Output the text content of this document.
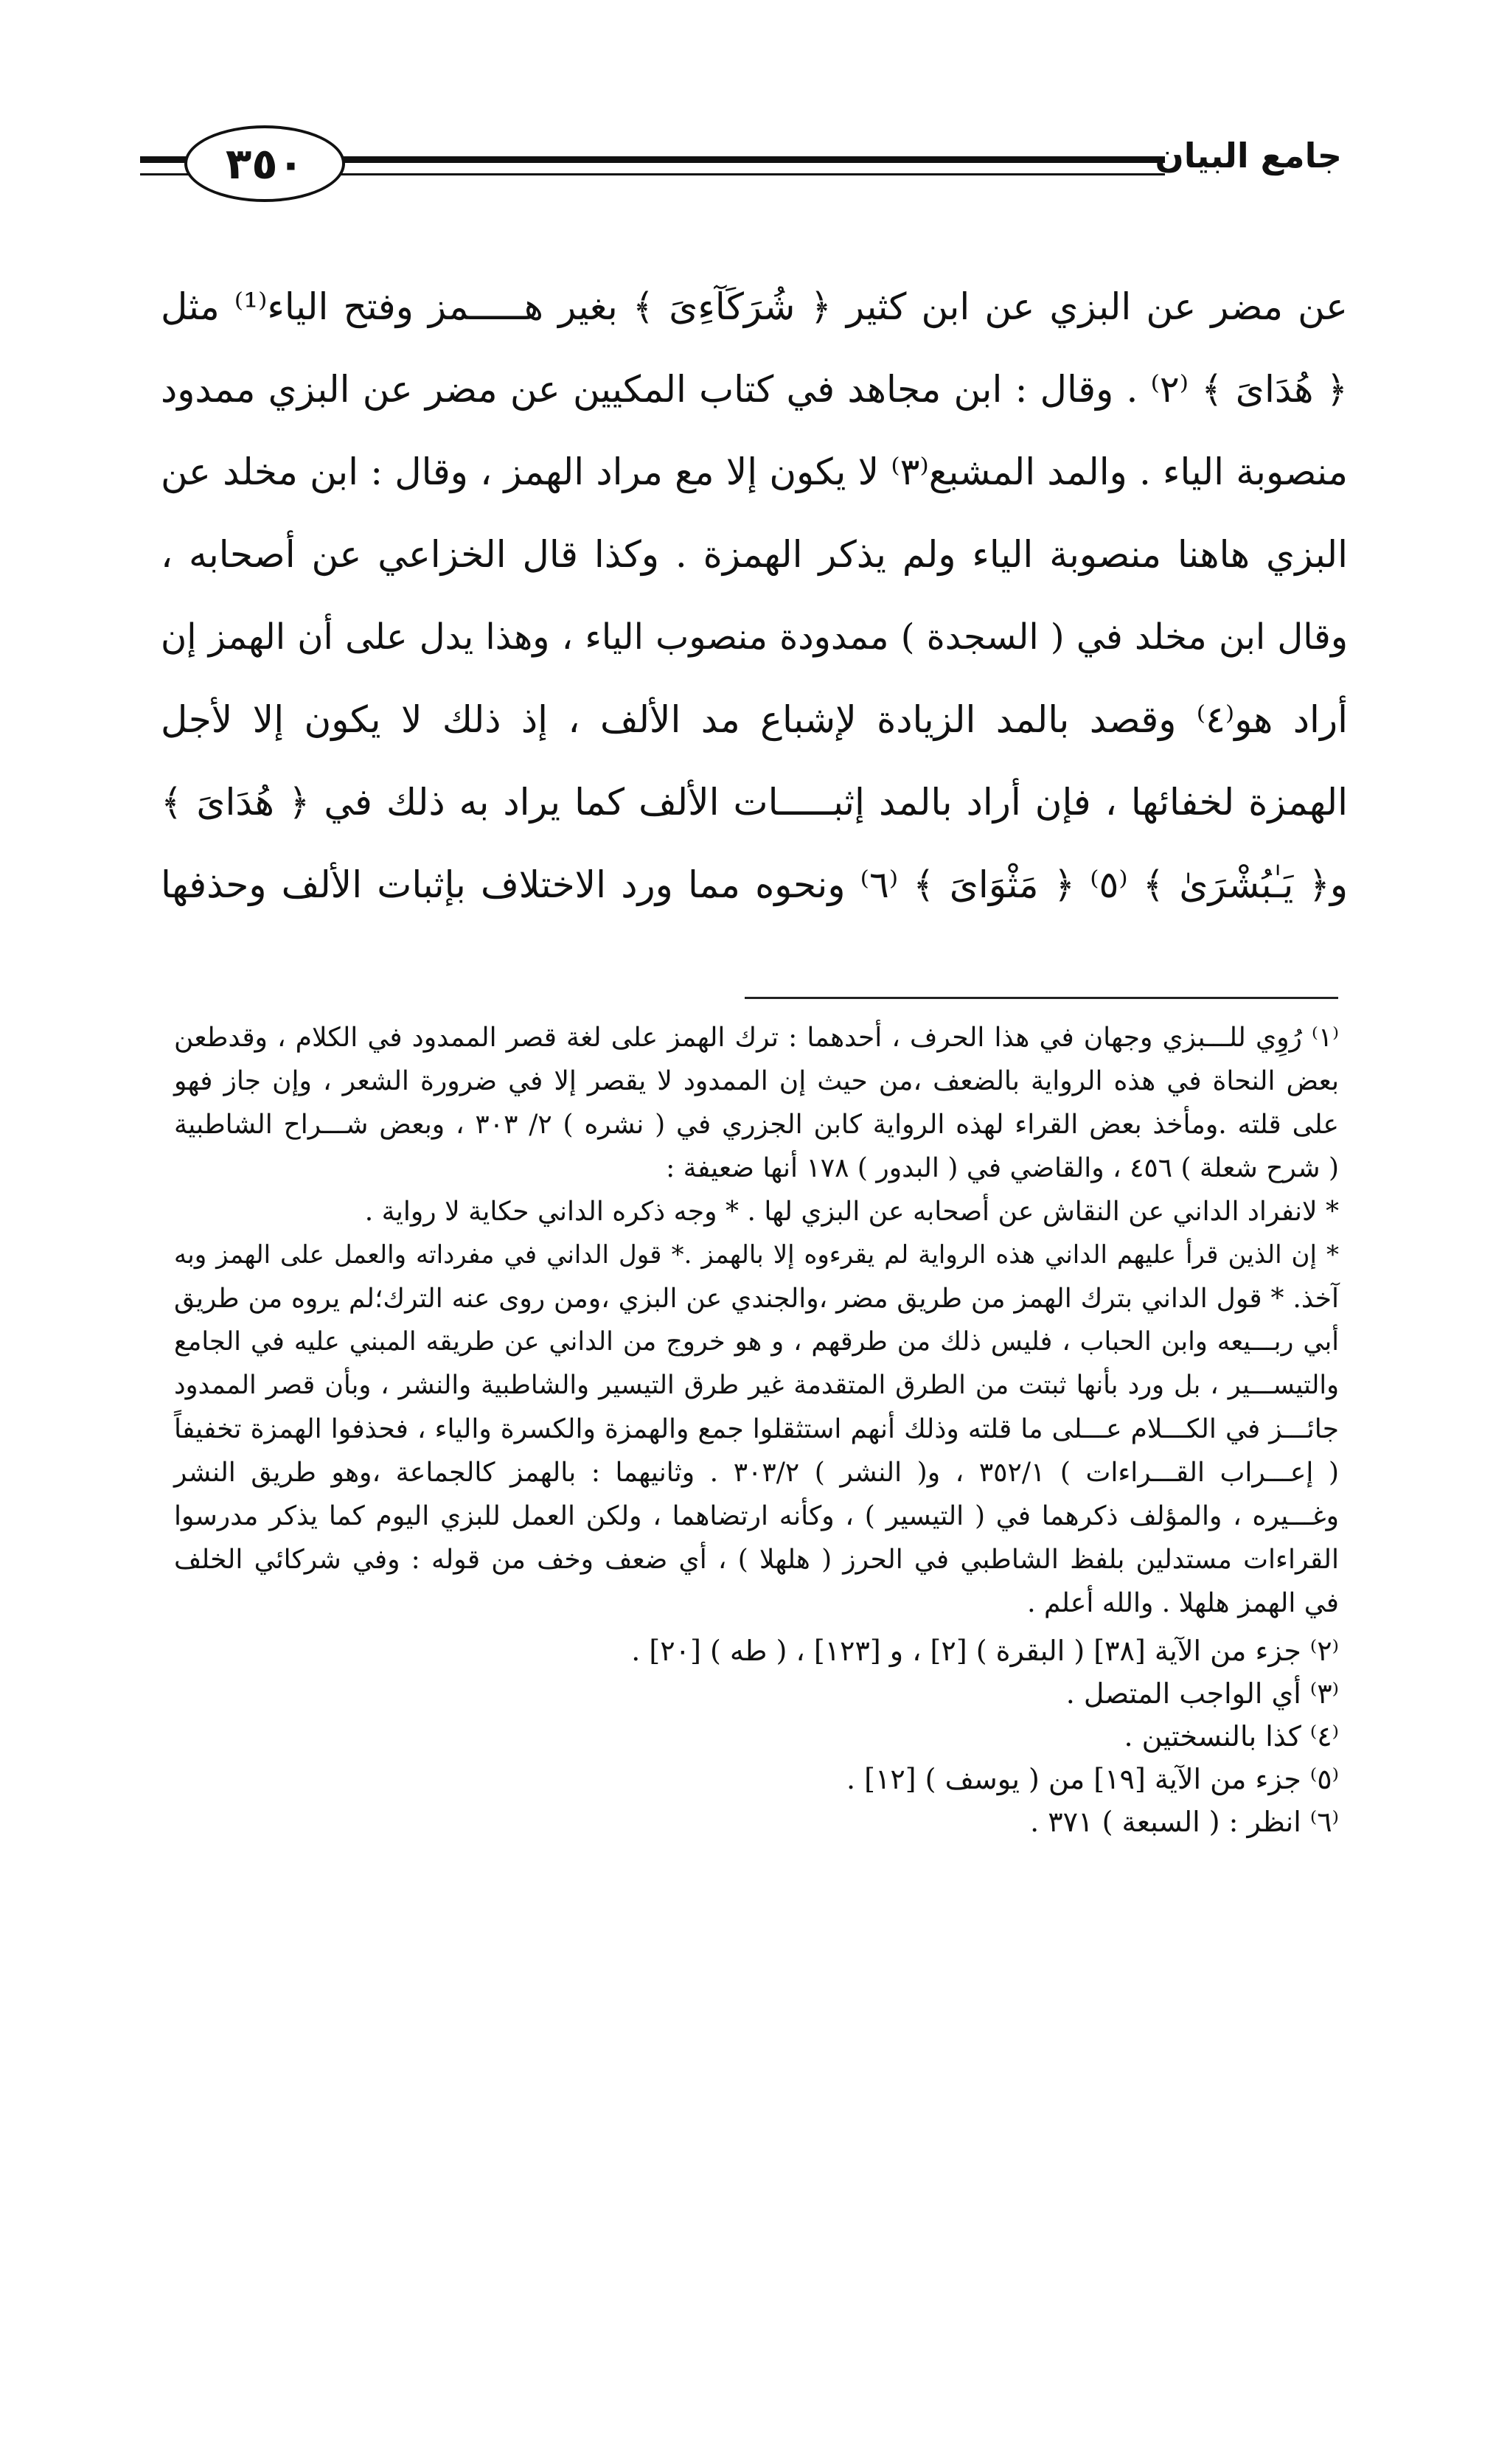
٣٥٠	جامع البيان
عن مضر عن البزي عن ابن كثير ﴿ شُرَكَآءِىَ ﴾ بغير هـــــمز وفتح الياء⁽¹⁾ مثل
﴿ هُدَاىَ ﴾ ⁽٢⁾ . وقال : ابن مجاهد في كتاب المكيين عن مضر عن البزي ممدود
منصوبة الياء . والمد المشبع⁽٣⁾ لا يكون إلا مع مراد الهمز ، وقال : ابن مخلد عن
البزي هاهنا منصوبة الياء ولم يذكر الهمزة . وكذا قال الخزاعي عن أصحابه ،
وقال ابن مخلد في ( السجدة ) ممدودة منصوب الياء ، وهذا يدل على أن الهمز إن
أراد هو⁽٤⁾ وقصد بالمد الزيادة لإشباع مد الألف ، إذ ذلك لا يكون إلا لأجل
الهمزة لخفائها ، فإن أراد بالمد إثبـــــات الألف كما يراد به ذلك في ﴿ هُدَاىَ ﴾
و﴿ يَـٰبُشْرَىٰ ﴾ ⁽٥⁾ ﴿ مَثْوَاىَ ﴾ ⁽٦⁾ ونحوه مما ورد الاختلاف بإثبات الألف وحذفها
⁽١⁾ رُوِي للـــبزي وجهان في هذا الحرف ، أحدهما : ترك الهمز على لغة قصر الممدود في الكلام ، وقدطعن
بعض النحاة في هذه الرواية بالضعف ،من حيث إن الممدود لا يقصر إلا في ضرورة الشعر ، وإن جاز فهو
على قلته .ومأخذ بعض القراء لهذه الرواية كابن الجزري في ( نشره ) ٢/ ٣٠٣ ، وبعض شـــراح الشاطبية
( شرح شعلة ) ٤٥٦ ، والقاضي في ( البدور ) ١٧٨ أنها ضعيفة :
* لانفراد الداني عن النقاش عن أصحابه عن البزي لها . * وجه ذكره الداني حكاية لا رواية .
* إن الذين قرأ عليهم الداني هذه الرواية لم يقرءوه إلا بالهمز .* قول الداني في مفرداته والعمل على الهمز وبه
آخذ. * قول الداني بترك الهمز من طريق مضر ،والجندي عن البزي ،ومن روى عنه الترك؛لم يروه من طريق
أبي ربـــيعه وابن الحباب ، فليس ذلك من طرقهم ، و هو خروج من الداني عن طريقه المبني عليه في الجامع
والتيســـير ، بل ورد بأنها ثبتت من الطرق المتقدمة غير طرق التيسير والشاطبية والنشر ، وبأن قصر الممدود
جائـــز في الكـــلام عـــلى ما قلته وذلك أنهم استثقلوا جمع والهمزة والكسرة والياء ، فحذفوا الهمزة تخفيفاً
( إعـــراب القـــراءات ) ٣٥٢/١ ، و( النشر ) ٣٠٣/٢ . وثانيهما : بالهمز كالجماعة ،وهو طريق النشر
وغـــيره ، والمؤلف ذكرهما في ( التيسير ) ، وكأنه ارتضاهما ، ولكن العمل للبزي اليوم كما يذكر مدرسوا
القراءات مستدلين بلفظ الشاطبي في الحرز ( هلهلا ) ، أي ضعف وخف من قوله : وفي شركائي الخلف
في الهمز هلهلا . والله أعلم .
⁽٢⁾ جزء من الآية [٣٨] ( البقرة ) [٢] ، و [١٢٣] ، ( طه ) [٢٠] .
⁽٣⁾ أي الواجب المتصل .
⁽٤⁾ كذا بالنسختين .
⁽٥⁾ جزء من الآية [١٩] من ( يوسف ) [١٢] .
⁽٦⁾ انظر : ( السبعة ) ٣٧١ .
